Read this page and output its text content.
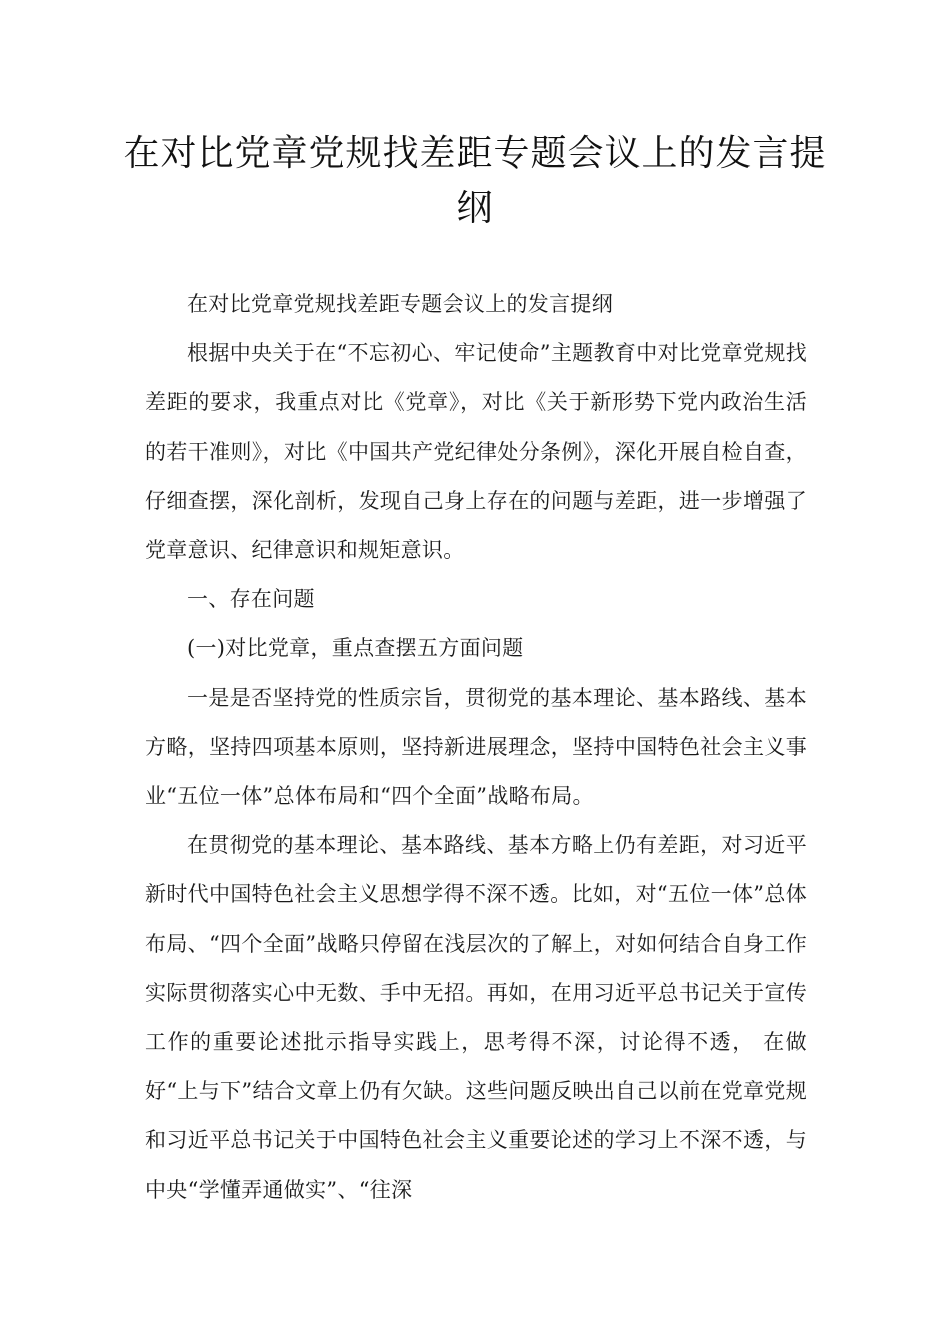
在对比党章党规找差距专题会议上的发言提纲

在对比党章党规找差距专题会议上的发言提纲

根据中央关于在“不忘初心、牢记使命”主题教育中对比党章党规找差距的要求，我重点对比《党章》，对比《关于新形势下党内政治生活的若干准则》，对比《中国共产党纪律处分条例》，深化开展自检自查，仔细查摆，深化剖析，发现自己身上存在的问题与差距，进一步增强了党章意识、纪律意识和规矩意识。

一、存在问题

(一)对比党章，重点查摆五方面问题

一是是否坚持党的性质宗旨，贯彻党的基本理论、基本路线、基本方略，坚持四项基本原则，坚持新进展理念，坚持中国特色社会主义事业“五位一体”总体布局和“四个全面”战略布局。

在贯彻党的基本理论、基本路线、基本方略上仍有差距，对习近平新时代中国特色社会主义思想学得不深不透。比如，对“五位一体”总体布局、“四个全面”战略只停留在浅层次的了解上，对如何结合自身工作实际贯彻落实心中无数、手中无招。再如，在用习近平总书记关于宣传工作的重要论述批示指导实践上，思考得不深，讨论得不透， 在做好“上与下”结合文章上仍有欠缺。这些问题反映出自己以前在党章党规和习近平总书记关于中国特色社会主义重要论述的学习上不深不透，与中央“学懂弄通做实”、“往深
